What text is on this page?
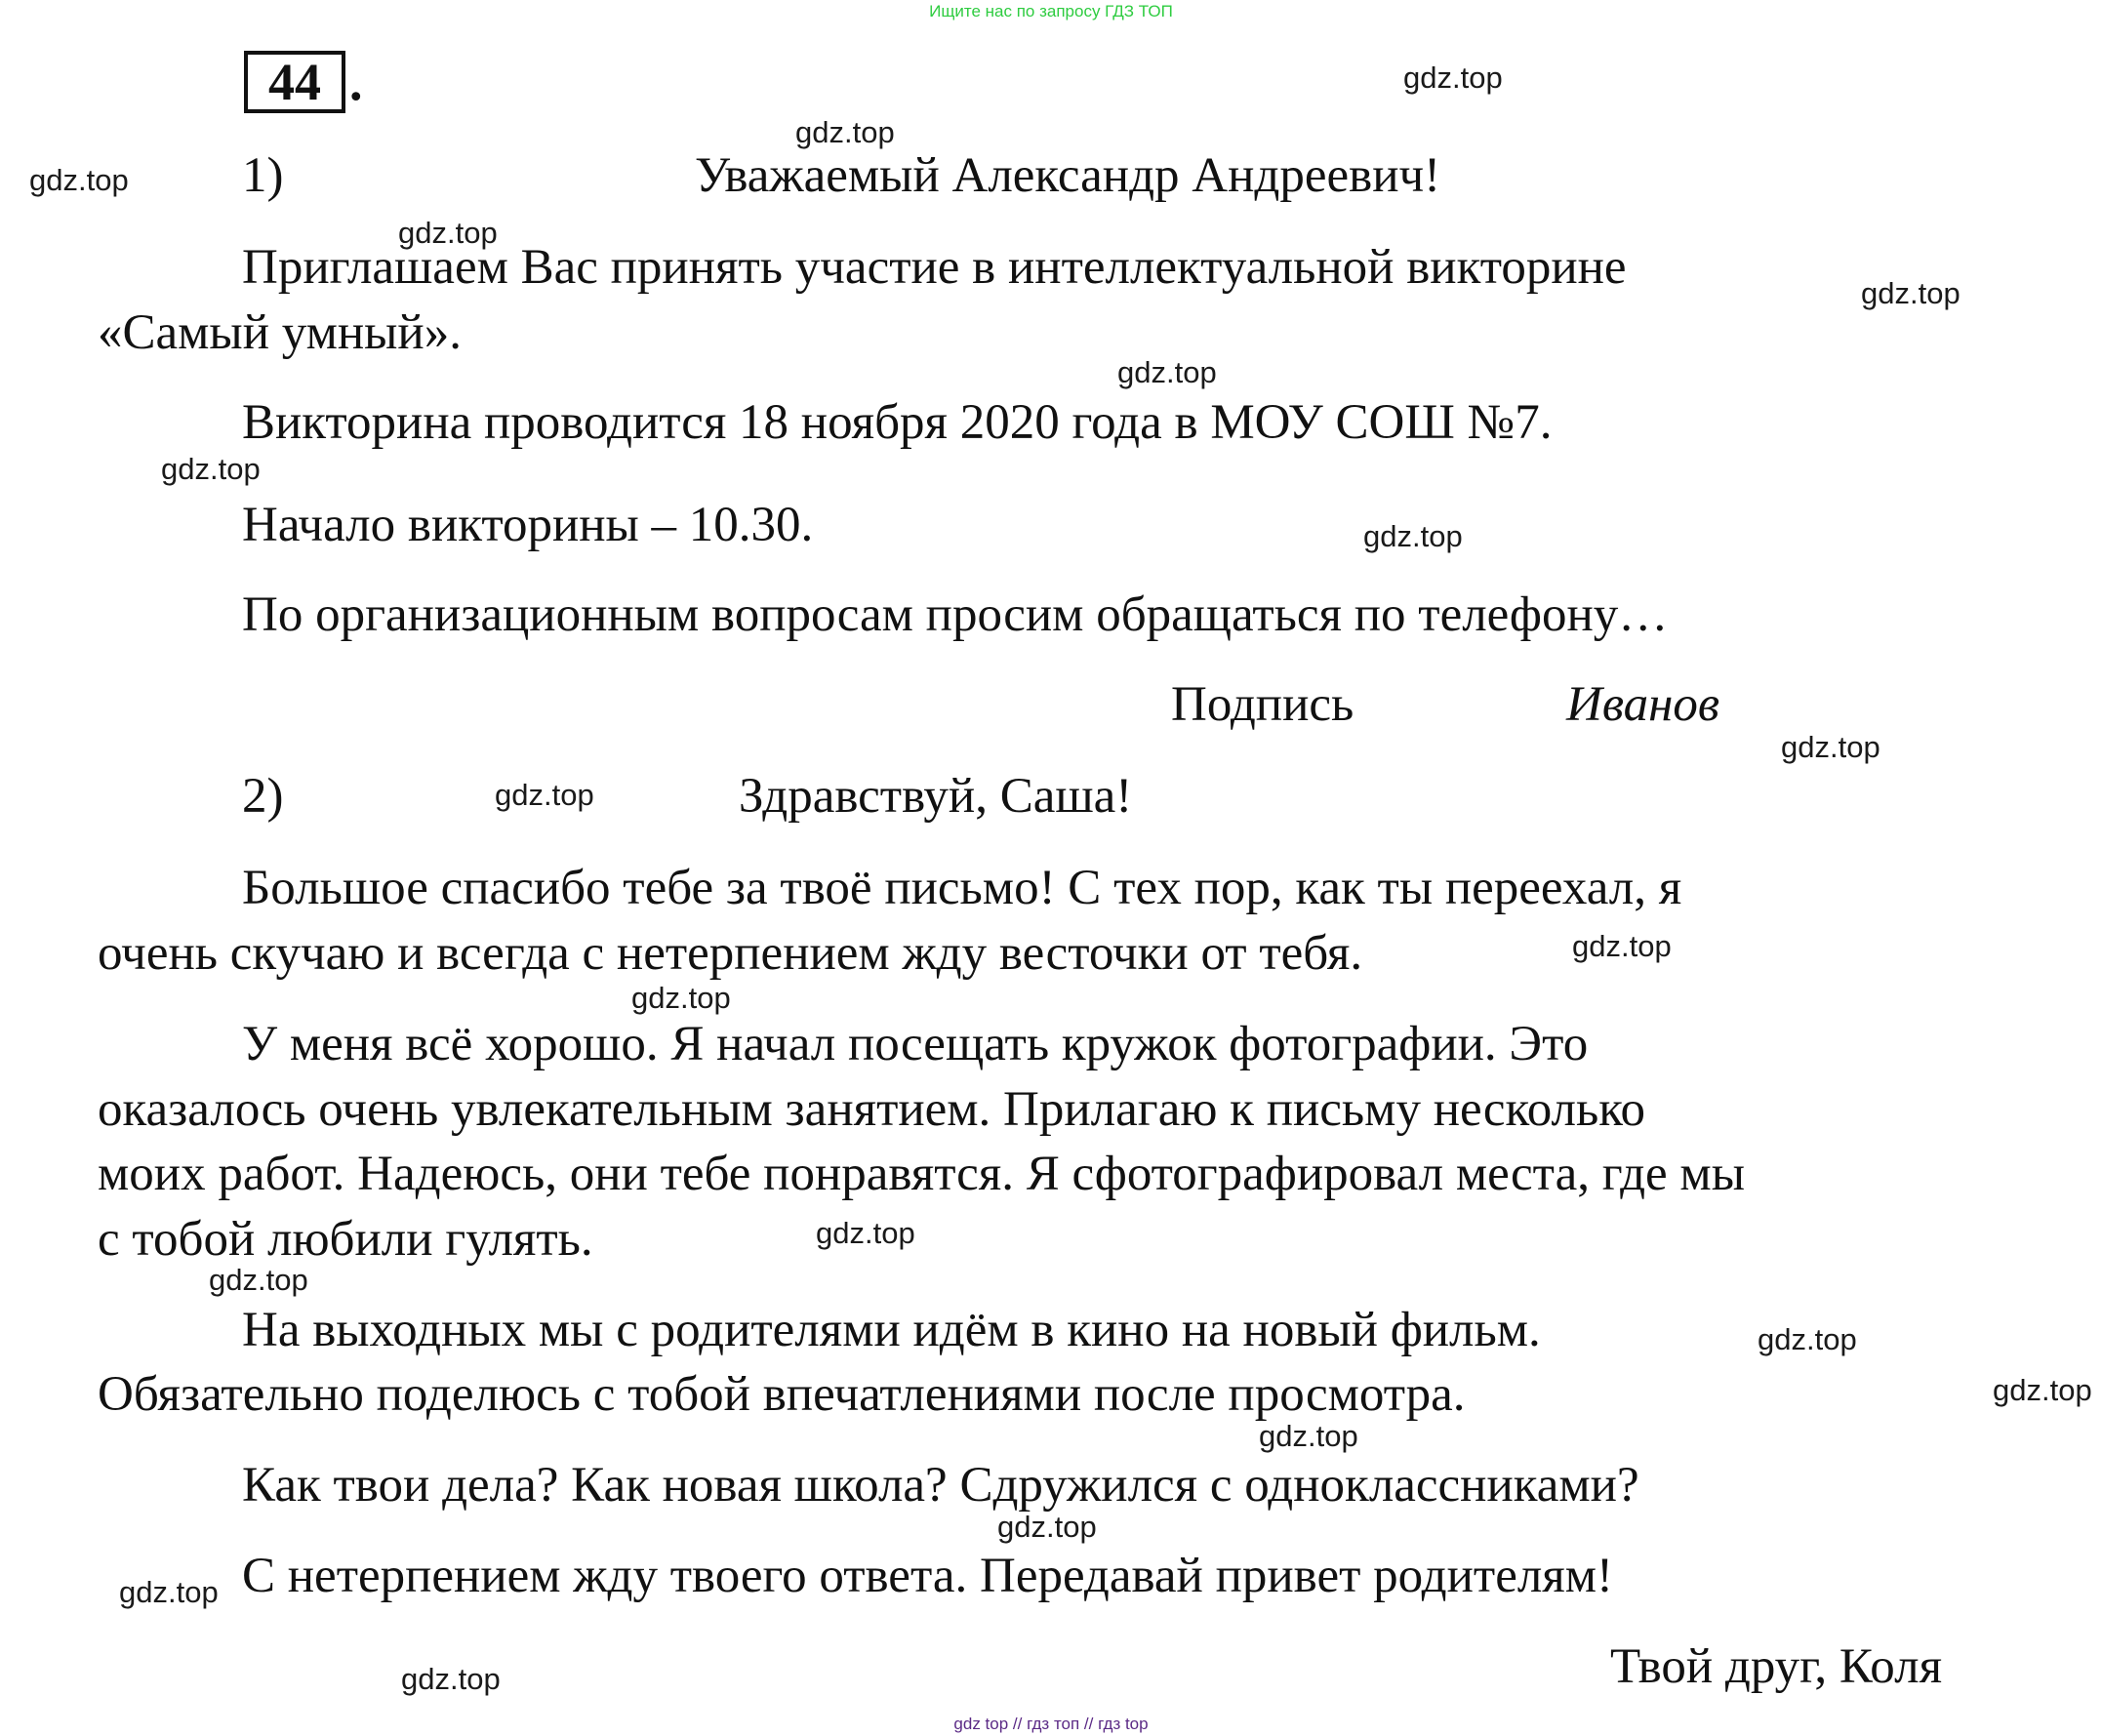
Ищите нас по запросу ГДЗ ТОП
44 .
1)	Уважаемый Александр Андреевич!
Приглашаем Вас принять участие в интеллектуальной викторине
«Самый умный».
Викторина проводится 18 ноября 2020 года в МОУ СОШ №7.
Начало викторины – 10.30.
По организационным вопросам просим обращаться по телефону…
Подпись	Иванов
2)	Здравствуй, Саша!
Большое спасибо тебе за твоё письмо! С тех пор, как ты переехал, я
очень скучаю и всегда с нетерпением жду весточки от тебя.
У меня всё хорошо. Я начал посещать кружок фотографии. Это
оказалось очень увлекательным занятием. Прилагаю к письму несколько
моих работ. Надеюсь, они тебе понравятся. Я сфотографировал места, где мы
с тобой любили гулять.
На выходных мы с родителями идём в кино на новый фильм.
Обязательно поделюсь с тобой впечатлениями после просмотра.
Как твои дела? Как новая школа? Сдружился с одноклассниками?
С нетерпением жду твоего ответа. Передавай привет родителям!
Твой друг, Коля
gdz.top
gdz.top
gdz.top
gdz.top
gdz.top
gdz.top
gdz.top
gdz.top
gdz.top
gdz.top
gdz.top
gdz.top
gdz.top
gdz.top
gdz.top
gdz.top
gdz.top
gdz.top
gdz.top
gdz.top
gdz top // гдз топ // гдз top
